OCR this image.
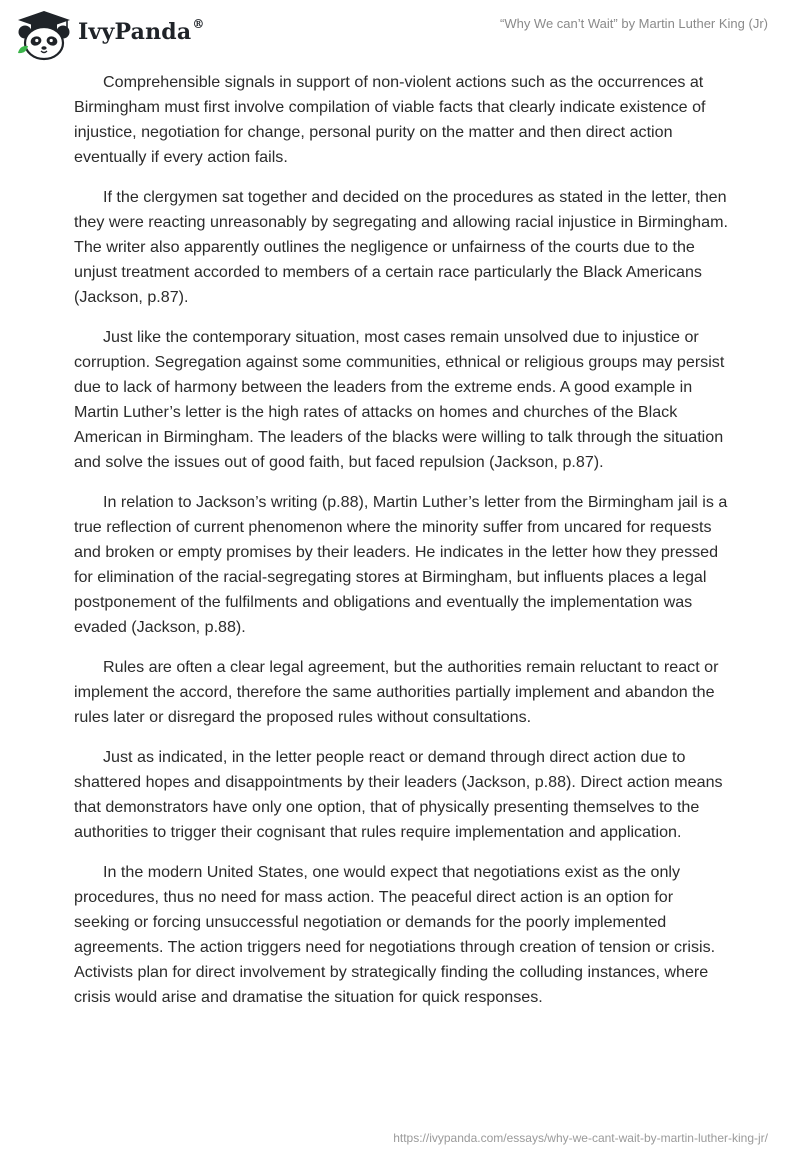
IvyPanda®	“Why We can’t Wait” by Martin Luther King (Jr)

Comprehensible signals in support of non-violent actions such as the occurrences at Birmingham must first involve compilation of viable facts that clearly indicate existence of injustice, negotiation for change, personal purity on the matter and then direct action eventually if every action fails.

If the clergymen sat together and decided on the procedures as stated in the letter, then they were reacting unreasonably by segregating and allowing racial injustice in Birmingham. The writer also apparently outlines the negligence or unfairness of the courts due to the unjust treatment accorded to members of a certain race particularly the Black Americans (Jackson, p.87).

Just like the contemporary situation, most cases remain unsolved due to injustice or corruption. Segregation against some communities, ethnical or religious groups may persist due to lack of harmony between the leaders from the extreme ends. A good example in Martin Luther’s letter is the high rates of attacks on homes and churches of the Black American in Birmingham. The leaders of the blacks were willing to talk through the situation and solve the issues out of good faith, but faced repulsion (Jackson, p.87).

In relation to Jackson’s writing (p.88), Martin Luther’s letter from the Birmingham jail is a true reflection of current phenomenon where the minority suffer from uncared for requests and broken or empty promises by their leaders. He indicates in the letter how they pressed for elimination of the racial-segregating stores at Birmingham, but influents places a legal postponement of the fulfilments and obligations and eventually the implementation was evaded (Jackson, p.88).

Rules are often a clear legal agreement, but the authorities remain reluctant to react or implement the accord, therefore the same authorities partially implement and abandon the rules later or disregard the proposed rules without consultations.

Just as indicated, in the letter people react or demand through direct action due to shattered hopes and disappointments by their leaders (Jackson, p.88). Direct action means that demonstrators have only one option, that of physically presenting themselves to the authorities to trigger their cognisant that rules require implementation and application.

In the modern United States, one would expect that negotiations exist as the only procedures, thus no need for mass action. The peaceful direct action is an option for seeking or forcing unsuccessful negotiation or demands for the poorly implemented agreements. The action triggers need for negotiations through creation of tension or crisis. Activists plan for direct involvement by strategically finding the colluding instances, where crisis would arise and dramatise the situation for quick responses.

https://ivypanda.com/essays/why-we-cant-wait-by-martin-luther-king-jr/
